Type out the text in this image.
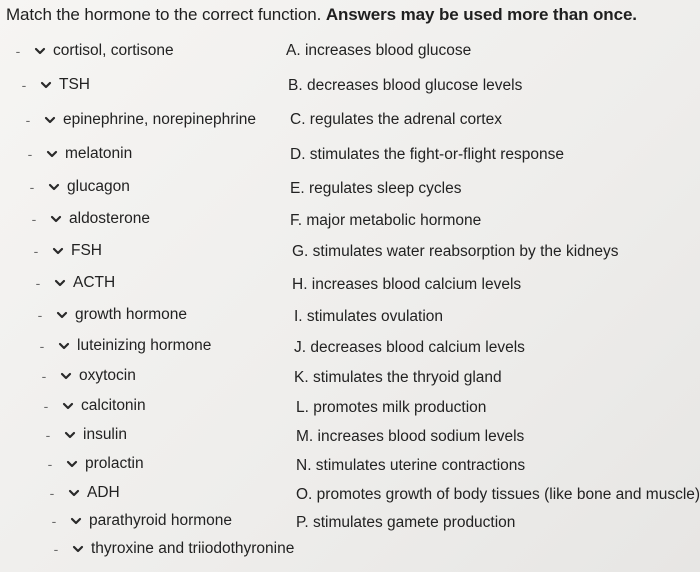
Match the hormone to the correct function. Answers may be used more than once.
- cortisol, cortisone
- TSH
- epinephrine, norepinephrine
- melatonin
- glucagon
- aldosterone
- FSH
- ACTH
- growth hormone
- luteinizing hormone
- oxytocin
- calcitonin
- insulin
- prolactin
- ADH
- parathyroid hormone
- thyroxine and triiodothyronine
A. increases blood glucose
B. decreases blood glucose levels
C. regulates the adrenal cortex
D. stimulates the fight-or-flight response
E. regulates sleep cycles
F. major metabolic hormone
G. stimulates water reabsorption by the kidneys
H. increases blood calcium levels
I. stimulates ovulation
J. decreases blood calcium levels
K. stimulates the thryoid gland
L. promotes milk production
M. increases blood sodium levels
N. stimulates uterine contractions
O. promotes growth of body tissues (like bone and muscle)
P. stimulates gamete production
